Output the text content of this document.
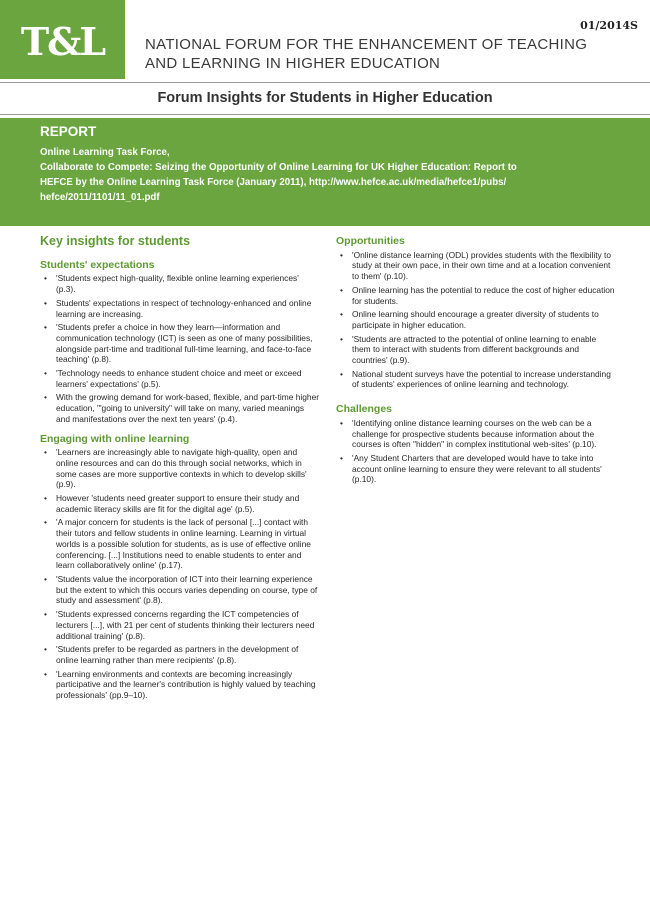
T&L	01/2014S
NATIONAL FORUM FOR THE ENHANCEMENT OF TEACHING
AND LEARNING IN HIGHER EDUCATION
Forum Insights for Students in Higher Education
REPORT
Online Learning Task Force,
Collaborate to Compete: Seizing the Opportunity of Online Learning for UK Higher Education: Report to
HEFCE by the Online Learning Task Force (January 2011), http://www.hefce.ac.uk/media/hefce1/pubs/
hefce/2011/1101/11_01.pdf
Key insights for students
Students' expectations
• 'Students expect high-quality, flexible online learning experiences' (p.3).
• Students' expectations in respect of technology-enhanced and online learning are increasing.
• 'Students prefer a choice in how they learn—information and communication technology (ICT) is seen as one of many possibilities, alongside part-time and traditional full-time learning, and face-to-face teaching' (p.8).
• 'Technology needs to enhance student choice and meet or exceed learners' expectations' (p.5).
• With the growing demand for work-based, flexible, and part-time higher education, '"going to university" will take on many, varied meanings and manifestations over the next ten years' (p.4).
Engaging with online learning
• 'Learners are increasingly able to navigate high-quality, open and online resources and can do this through social networks, which in some cases are more supportive contexts in which to develop skills' (p.9).
• However 'students need greater support to ensure their study and academic literacy skills are fit for the digital age' (p.5).
• 'A major concern for students is the lack of personal [...] contact with their tutors and fellow students in online learning. Learning in virtual worlds is a possible solution for students, as is use of effective online conferencing. [...] Institutions need to enable students to enter and learn collaboratively online' (p.17).
• 'Students value the incorporation of ICT into their learning experience but the extent to which this occurs varies depending on course, type of study and assessment' (p.8).
• 'Students expressed concerns regarding the ICT competencies of lecturers [...], with 21 per cent of students thinking their lecturers need additional training' (p.8).
• 'Students prefer to be regarded as partners in the development of online learning rather than mere recipients' (p.8).
• 'Learning environments and contexts are becoming increasingly participative and the learner's contribution is highly valued by teaching professionals' (pp.9–10).
Opportunities
• 'Online distance learning (ODL) provides students with the flexibility to study at their own pace, in their own time and at a location convenient to them' (p.10).
• Online learning has the potential to reduce the cost of higher education for students.
• Online learning should encourage a greater diversity of students to participate in higher education.
• 'Students are attracted to the potential of online learning to enable them to interact with students from different backgrounds and countries' (p.9).
• National student surveys have the potential to increase understanding of students' experiences of online learning and technology.
Challenges
• 'Identifying online distance learning courses on the web can be a challenge for prospective students because information about the courses is often "hidden" in complex institutional web-sites' (p.10).
• 'Any Student Charters that are developed would have to take into account online learning to ensure they were relevant to all students' (p.10).
